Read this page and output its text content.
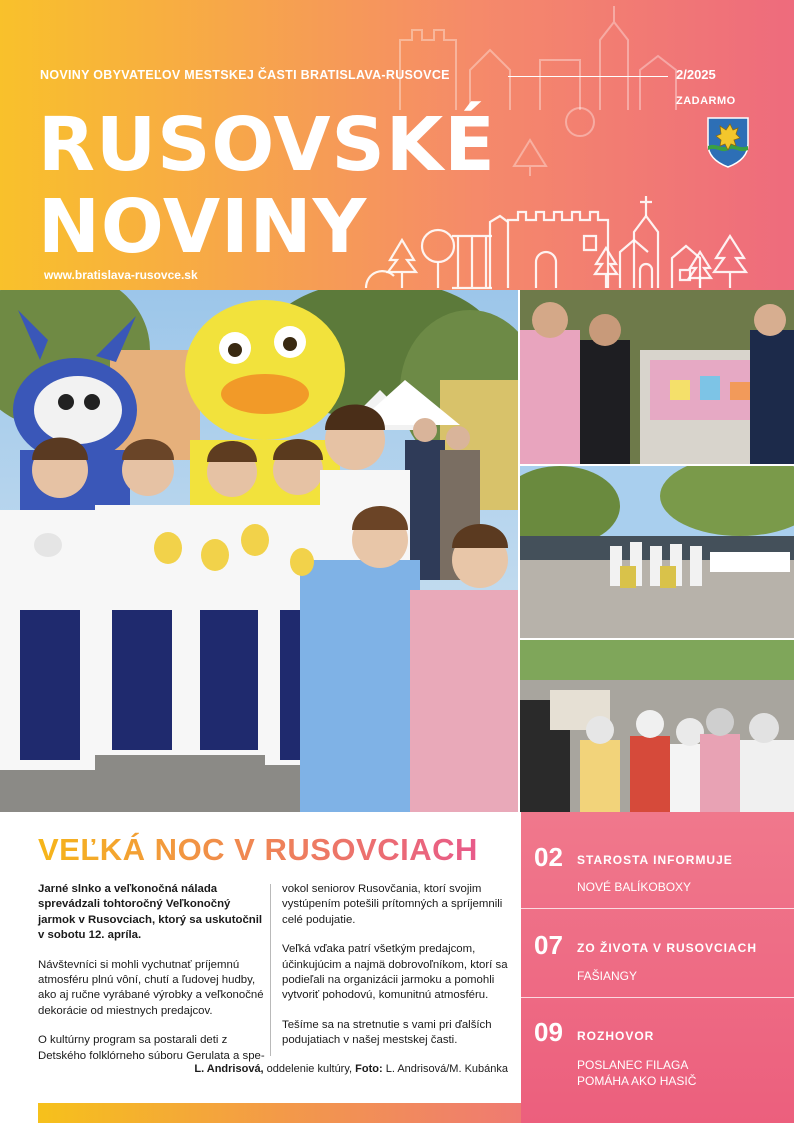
NOVINY OBYVATEĽOV MESTSKEJ ČASTI BRATISLAVA-RUSOVCE	2/2025
ZADARMO
RUSOVSKÉ
NOVINY
www.bratislava-rusovce.sk
VEĽKÁ NOC V RUSOVCIACH

Jarné slnko a veľkonočná nálada sprevádzali tohtoročný Veľkonočný jarmok v Rusovciach, ktorý sa uskutočnil v sobotu 12. apríla.

Návštevníci si mohli vychutnať príjemnú atmosféru plnú vôní, chutí a ľudovej hudby, ako aj ručne vyrábané výrobky a veľkonočné dekorácie od miestnych predajcov.

O kultúrny program sa postarali deti z Detského folklórneho súboru Gerulata a spe-

vokol seniorov Rusovčania, ktorí svojim vystúpením potešili prítomných a spríjemnili celé podujatie.

Veľká vďaka patrí všetkým predajcom, účinkujúcim a najmä dobrovoľníkom, ktorí sa podieľali na organizácii jarmoku a pomohli vytvoriť pohodovú, komunitnú atmosféru.

Tešíme sa na stretnutie s vami pri ďalších podujatiach v našej mestskej časti.

L. Andrisová, oddelenie kultúry, Foto: L. Andrisová/M. Kubánka
02 STAROSTA INFORMUJE
NOVÉ BALÍKOBOXY
07 ZO ŽIVOTA V RUSOVCIACH
FAŠIANGY
09 ROZHOVOR
POSLANEC FILAGA
POMÁHA AKO HASIČ
